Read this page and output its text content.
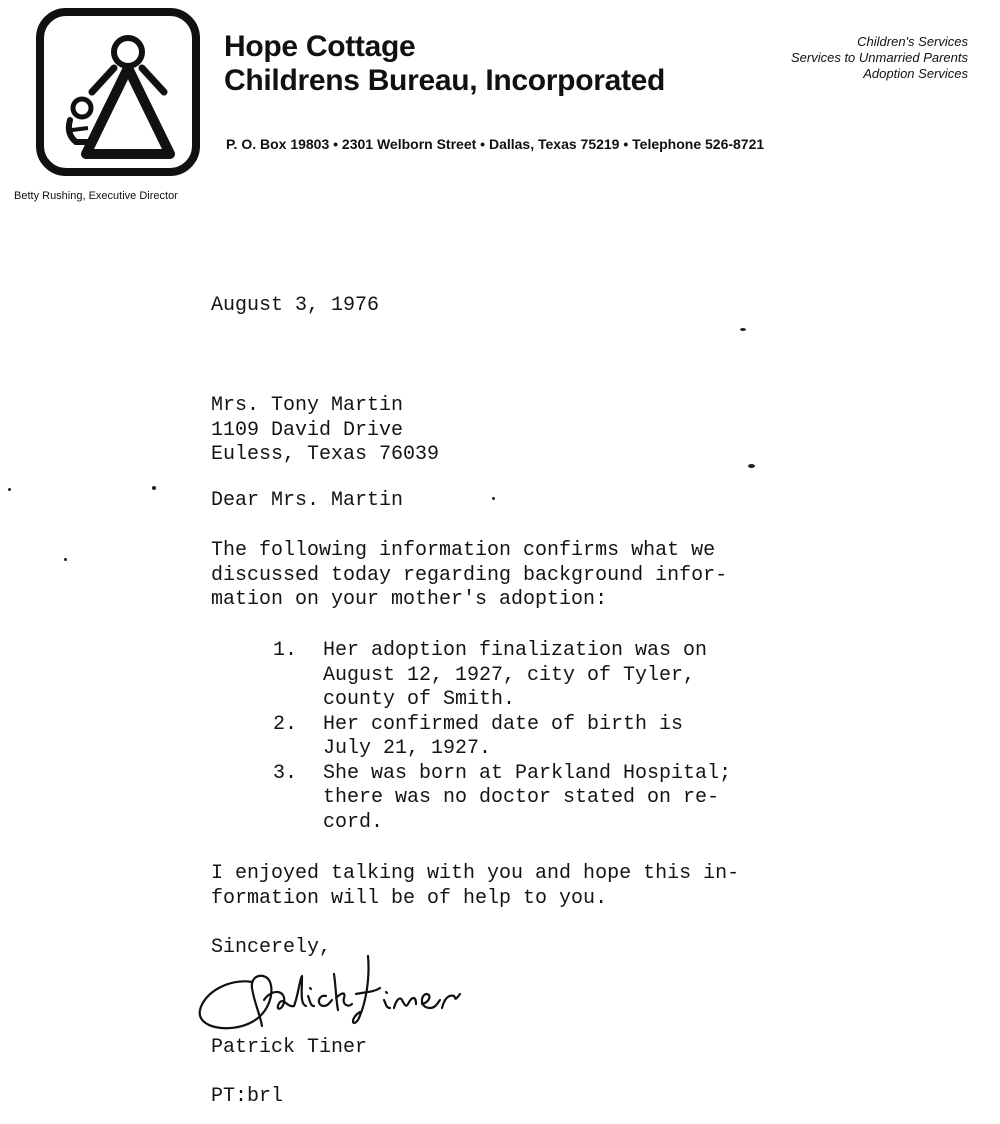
Hope Cottage
Childrens Bureau, Incorporated
Children's Services
Services to Unmarried Parents
Adoption Services
P. O. Box 19803 • 2301 Welborn Street • Dallas, Texas 75219 • Telephone 526-8721
Betty Rushing, Executive Director
August 3, 1976
Mrs. Tony Martin
1109 David Drive
Euless, Texas 76039
Dear Mrs. Martin
The following information confirms what we
discussed today regarding background infor-
mation on your mother's adoption:
1. Her adoption finalization was on
August 12, 1927, city of Tyler,
county of Smith.
2. Her confirmed date of birth is
July 21, 1927.
3. She was born at Parkland Hospital;
there was no doctor stated on re-
cord.
I enjoyed talking with you and hope this in-
formation will be of help to you.
Sincerely,
Patrick Tiner
PT:brl
